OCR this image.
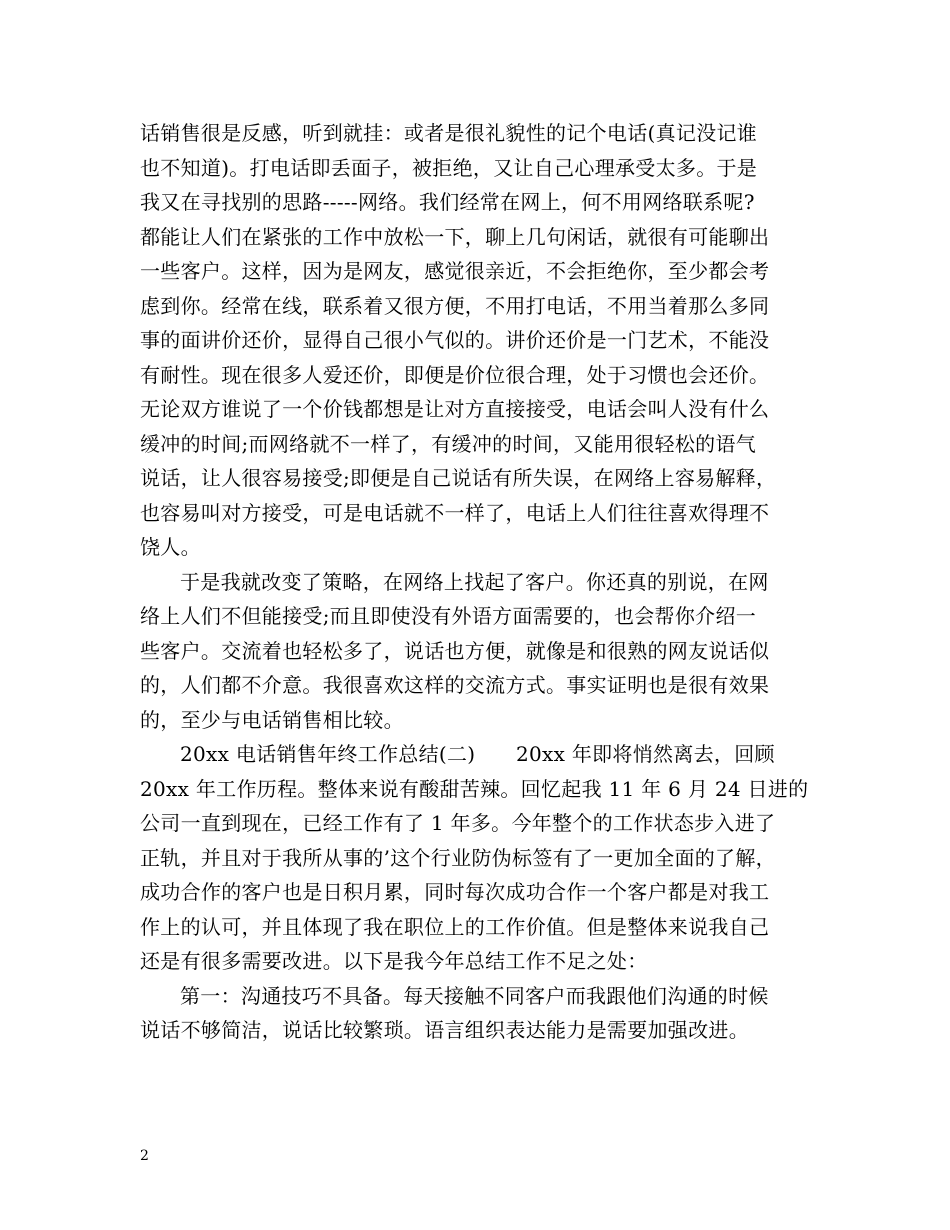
话销售很是反感，听到就挂：或者是很礼貌性的记个电话(真记没记谁
也不知道)。打电话即丢面子，被拒绝，又让自己心理承受太多。于是
我又在寻找别的思路-----网络。我们经常在网上，何不用网络联系呢?
都能让人们在紧张的工作中放松一下，聊上几句闲话，就很有可能聊出
一些客户。这样，因为是网友，感觉很亲近，不会拒绝你，至少都会考
虑到你。经常在线，联系着又很方便，不用打电话，不用当着那么多同
事的面讲价还价，显得自己很小气似的。讲价还价是一门艺术，不能没
有耐性。现在很多人爱还价，即便是价位很合理，处于习惯也会还价。
无论双方谁说了一个价钱都想是让对方直接接受，电话会叫人没有什么
缓冲的时间;而网络就不一样了，有缓冲的时间，又能用很轻松的语气
说话，让人很容易接受;即便是自己说话有所失误，在网络上容易解释，
也容易叫对方接受，可是电话就不一样了，电话上人们往往喜欢得理不
饶人。
于是我就改变了策略，在网络上找起了客户。你还真的别说，在网
络上人们不但能接受;而且即使没有外语方面需要的，也会帮你介绍一
些客户。交流着也轻松多了，说话也方便，就像是和很熟的网友说话似
的，人们都不介意。我很喜欢这样的交流方式。事实证明也是很有效果
的，至少与电话销售相比较。
20xx 电话销售年终工作总结(二)　　20xx 年即将悄然离去，回顾
20xx 年工作历程。整体来说有酸甜苦辣。回忆起我 11 年 6 月 24 日进的
公司一直到现在，已经工作有了 1 年多。今年整个的工作状态步入进了
正轨，并且对于我所从事的’这个行业防伪标签有了一更加全面的了解，
成功合作的客户也是日积月累，同时每次成功合作一个客户都是对我工
作上的认可，并且体现了我在职位上的工作价值。但是整体来说我自己
还是有很多需要改进。以下是我今年总结工作不足之处：
第一：沟通技巧不具备。每天接触不同客户而我跟他们沟通的时候
说话不够简洁，说话比较繁琐。语言组织表达能力是需要加强改进。
2
